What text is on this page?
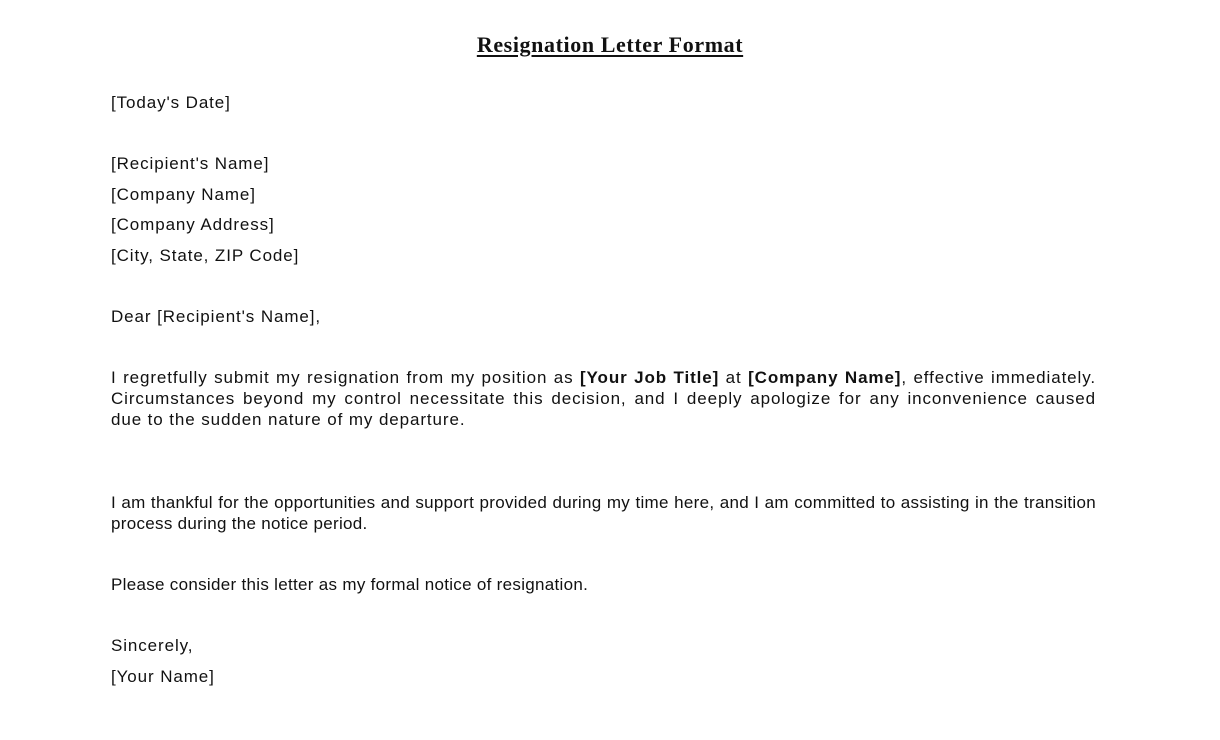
Resignation Letter Format
[Today's Date]
[Recipient's Name]
[Company Name]
[Company Address]
[City, State, ZIP Code]
Dear [Recipient's Name],
I regretfully submit my resignation from my position as [Your Job Title] at [Company Name], effective immediately. Circumstances beyond my control necessitate this decision, and I deeply apologize for any inconvenience caused due to the sudden nature of my departure.
I am thankful for the opportunities and support provided during my time here, and I am committed to assisting in the transition process during the notice period.
Please consider this letter as my formal notice of resignation.
Sincerely,
[Your Name]
